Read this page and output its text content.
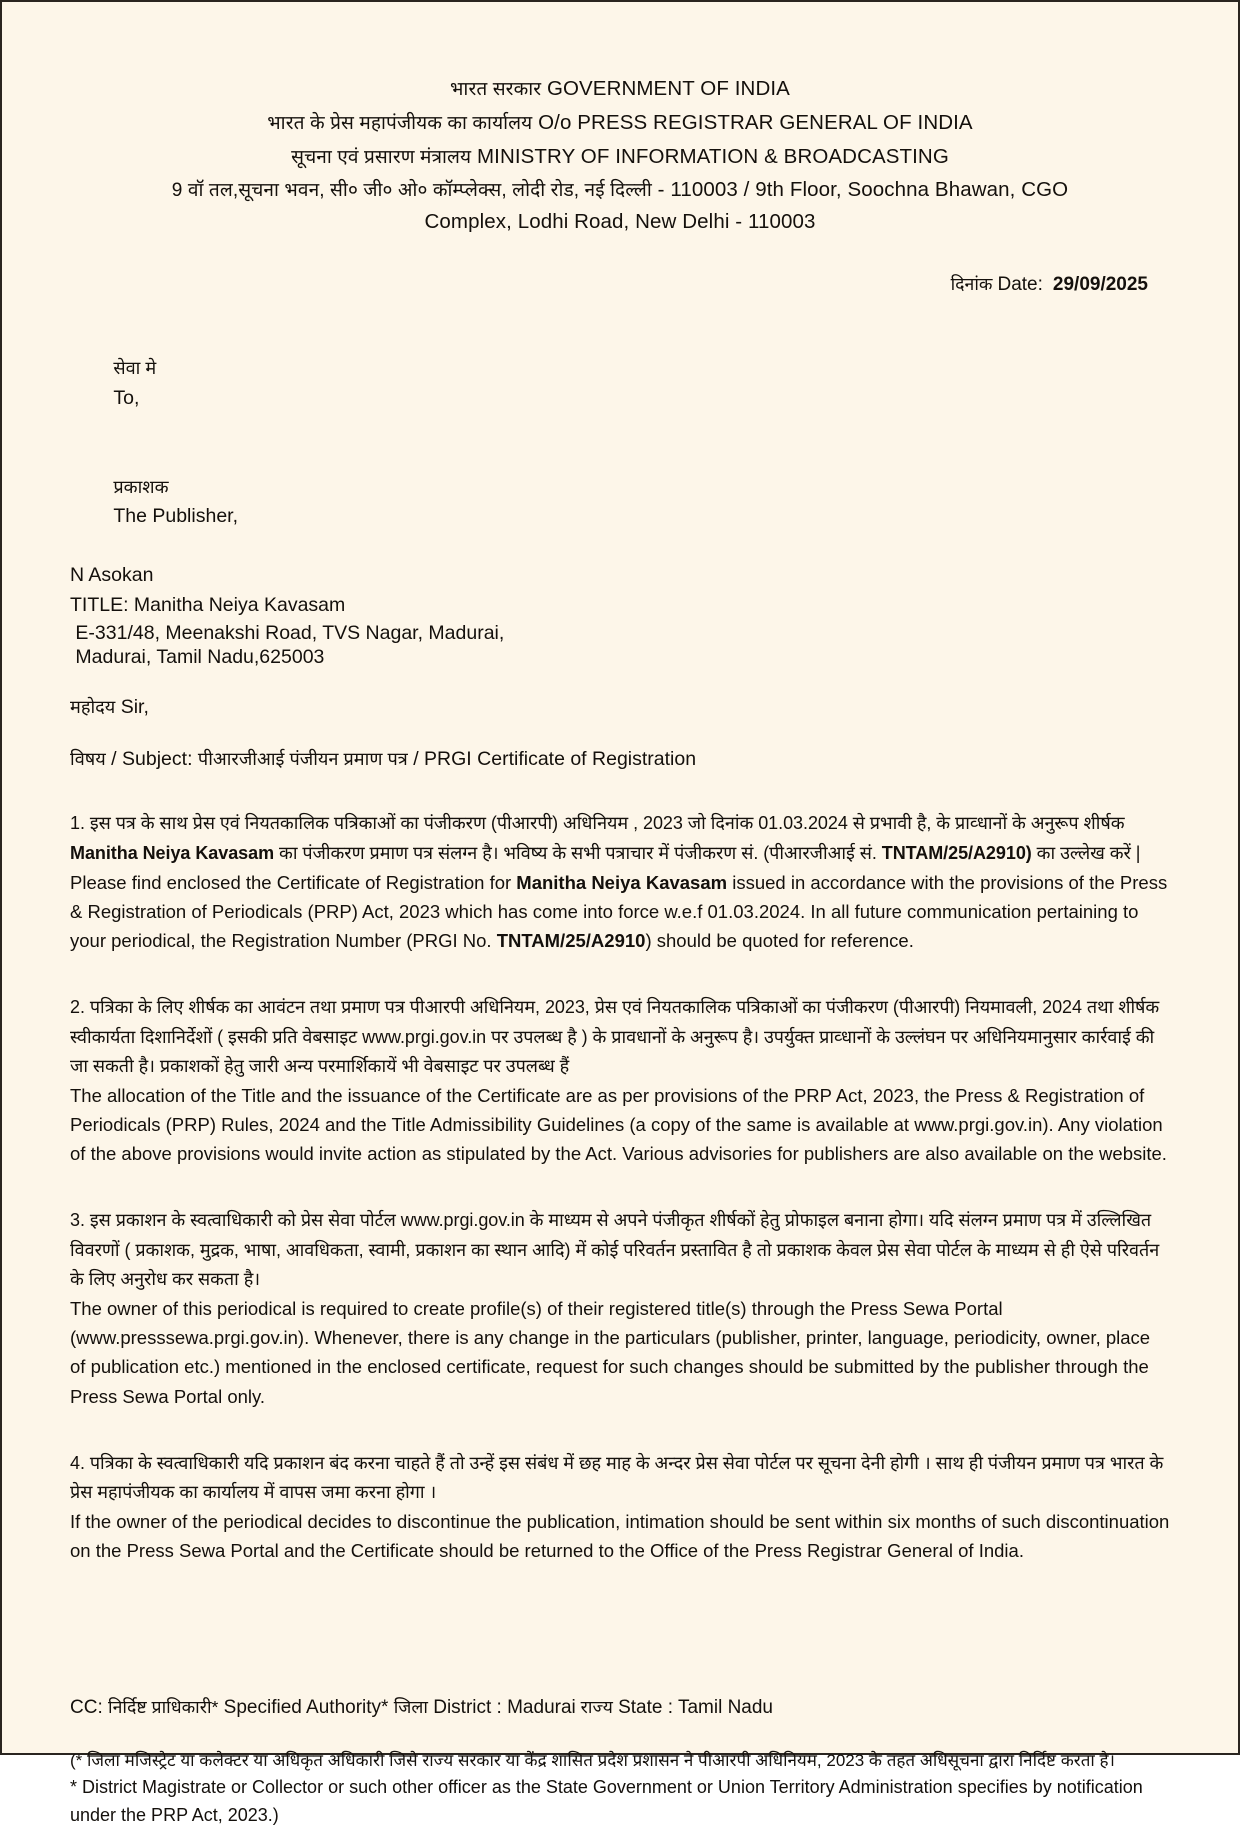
भारत सरकार GOVERNMENT OF INDIA
भारत के प्रेस महापंजीयक का कार्यालय O/o PRESS REGISTRAR GENERAL OF INDIA
सूचना एवं प्रसारण मंत्रालय MINISTRY OF INFORMATION & BROADCASTING
9 वॉ तल,सूचना भवन, सी० जी० ओ० कॉम्प्लेक्स, लोदी रोड, नई दिल्ली - 110003 / 9th Floor, Soochna Bhawan, CGO Complex, Lodhi Road, New Delhi - 110003
दिनांक Date: 29/09/2025

सेवा मे
To,

प्रकाशक
The Publisher,

N Asokan
TITLE: Manitha Neiya Kavasam
E-331/48, Meenakshi Road, TVS Nagar, Madurai,
Madurai, Tamil Nadu,625003
महोदय Sir,
विषय / Subject: पीआरजीआई पंजीयन प्रमाण पत्र / PRGI Certificate of Registration
1. इस पत्र के साथ प्रेस एवं नियतकालिक पत्रिकाओं का पंजीकरण (पीआरपी) अधिनियम , 2023 जो दिनांक 01.03.2024 से प्रभावी है, के प्राव्धानों के अनुरूप शीर्षक Manitha Neiya Kavasam का पंजीकरण प्रमाण पत्र संलग्न है। भविष्य के सभी पत्राचार में पंजीकरण सं. (पीआरजीआई सं. TNTAM/25/A2910) का उल्लेख करें |
Please find enclosed the Certificate of Registration for Manitha Neiya Kavasam issued in accordance with the provisions of the Press & Registration of Periodicals (PRP) Act, 2023 which has come into force w.e.f 01.03.2024. In all future communication pertaining to your periodical, the Registration Number (PRGI No. TNTAM/25/A2910) should be quoted for reference.
2. पत्रिका के लिए शीर्षक का आवंटन तथा प्रमाण पत्र पीआरपी अधिनियम, 2023, प्रेस एवं नियतकालिक पत्रिकाओं का पंजीकरण (पीआरपी) नियमावली, 2024 तथा शीर्षक स्वीकार्यता दिशानिर्देशों ( इसकी प्रति वेबसाइट www.prgi.gov.in पर उपलब्ध है ) के प्रावधानों के अनुरूप है। उपर्युक्त प्राव्धानों के उल्लंघन पर अधिनियमानुसार कार्रवाई की जा सकती है। प्रकाशकों हेतु जारी अन्य परमार्शिकायें भी वेबसाइट पर उपलब्ध हैं
The allocation of the Title and the issuance of the Certificate are as per provisions of the PRP Act, 2023, the Press & Registration of Periodicals (PRP) Rules, 2024 and the Title Admissibility Guidelines (a copy of the same is available at www.prgi.gov.in). Any violation of the above provisions would invite action as stipulated by the Act. Various advisories for publishers are also available on the website.
3. इस प्रकाशन के स्वत्वाधिकारी को प्रेस सेवा पोर्टल www.prgi.gov.in के माध्यम से अपने पंजीकृत शीर्षकों हेतु प्रोफाइल बनाना होगा। यदि संलग्न प्रमाण पत्र में उल्लिखित विवरणों ( प्रकाशक, मुद्रक, भाषा, आवधिकता, स्वामी, प्रकाशन का स्थान आदि) में कोई परिवर्तन प्रस्तावित है तो प्रकाशक केवल प्रेस सेवा पोर्टल के माध्यम से ही ऐसे परिवर्तन के लिए अनुरोध कर सकता है।
The owner of this periodical is required to create profile(s) of their registered title(s) through the Press Sewa Portal (www.presssewa.prgi.gov.in). Whenever, there is any change in the particulars (publisher, printer, language, periodicity, owner, place of publication etc.) mentioned in the enclosed certificate, request for such changes should be submitted by the publisher through the Press Sewa Portal only.
4. पत्रिका के स्वत्वाधिकारी यदि प्रकाशन बंद करना चाहते हैं तो उन्हें इस संबंध में छह माह के अन्दर प्रेस सेवा पोर्टल पर सूचना देनी होगी । साथ ही पंजीयन प्रमाण पत्र भारत के प्रेस महापंजीयक का कार्यालय में वापस जमा करना होगा ।
If the owner of the periodical decides to discontinue the publication, intimation should be sent within six months of such discontinuation on the Press Sewa Portal and the Certificate should be returned to the Office of the Press Registrar General of India.
CC: निर्दिष्ट प्राधिकारी* Specified Authority* जिला District : Madurai राज्य State : Tamil Nadu
(* जिला मजिस्ट्रेट या कलेक्टर या अधिकृत अधिकारी जिसे राज्य सरकार या केंद्र शासित प्रदेश प्रशासन ने पीआरपी अधिनियम, 2023 के तहत अधिसूचना द्वारा निर्दिष्ट करता है।
* District Magistrate or Collector or such other officer as the State Government or Union Territory Administration specifies by notification under the PRP Act, 2023.)
